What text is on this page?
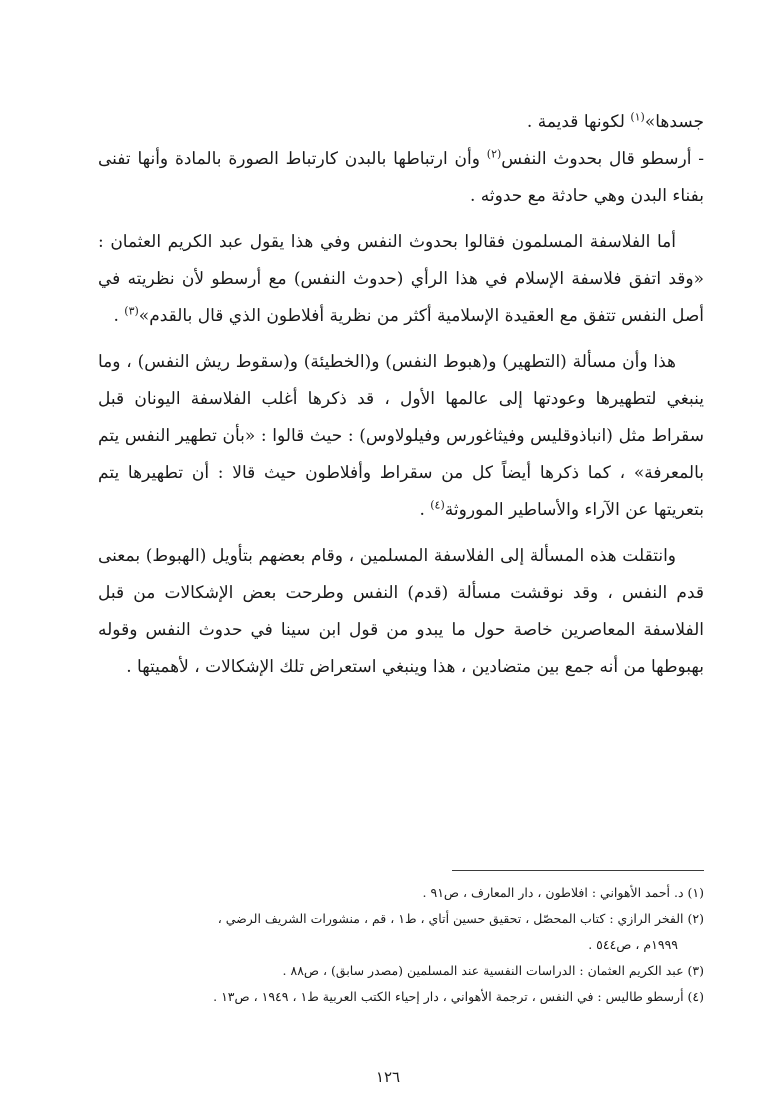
جسدها»$^{(١)}$ لكونها قديمة .

- أرسطو قال بحدوث النفس$^{(٢)}$ وأن ارتباطها بالبدن كارتباط الصورة بالمادة وأنها تفنى بفناء البدن وهي حادثة مع حدوثه .

أما الفلاسفة المسلمون فقالوا بحدوث النفس وفي هذا يقول عبد الكريم العثمان : «وقد اتفق فلاسفة الإسلام في هذا الرأي (حدوث النفس) مع أرسطو لأن نظريته في أصل النفس تتفق مع العقيدة الإسلامية أكثر من نظرية أفلاطون الذي قال بالقدم»$^{(٣)}$ .

هذا وأن مسألة (التطهير) و(هبوط النفس) و(الخطيئة) و(سقوط ريش النفس) ، وما ينبغي لتطهيرها وعودتها إلى عالمها الأول ، قد ذكرها أغلب الفلاسفة اليونان قبل سقراط مثل (انباذوقليس وفيثاغورس وفيلولاوس) : حيث قالوا : «بأن تطهير النفس يتم بالمعرفة» ، كما ذكرها أيضاً كل من سقراط وأفلاطون حيث قالا : أن تطهيرها يتم بتعريتها عن الآراء والأساطير الموروثة$^{(٤)}$ .

وانتقلت هذه المسألة إلى الفلاسفة المسلمين ، وقام بعضهم بتأويل (الهبوط) بمعنى قدم النفس ، وقد نوقشت مسألة (قدم) النفس وطرحت بعض الإشكالات من قبل الفلاسفة المعاصرين خاصة حول ما يبدو من قول ابن سينا في حدوث النفس وقوله بهبوطها من أنه جمع بين متضادين ، هذا وينبغي استعراض تلك الإشكالات ، لأهميتها .

(١) د. أحمد الأهواني : افلاطون ، دار المعارف ، ص٩١ .

(٢) الفخر الرازي : كتاب المحصّل ، تحقيق حسين أتاي ، ط١ ، قم ، منشورات الشريف الرضي ،

١٩٩٩م ، ص٥٤٤ .

(٣) عبد الكريم العثمان : الدراسات النفسية عند المسلمين (مصدر سابق) ، ص٨٨ .

(٤) أرسطو طاليس : في النفس ، ترجمة الأهواني ، دار إحياء الكتب العربية ط١ ، ١٩٤٩ ، ص١٣ .

١٢٦
